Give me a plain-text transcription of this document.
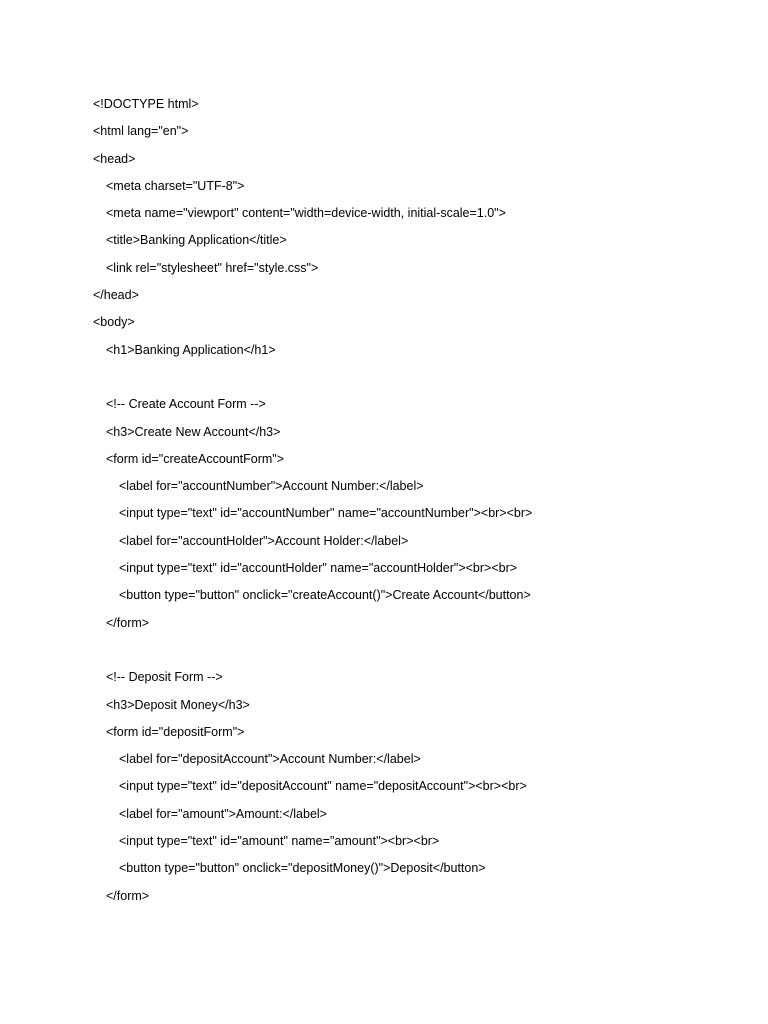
<!DOCTYPE html>
<html lang="en">
<head>
<meta charset="UTF-8">
<meta name="viewport" content="width=device-width, initial-scale=1.0">
<title>Banking Application</title>
<link rel="stylesheet" href="style.css">
</head>
<body>
<h1>Banking Application</h1>
<!-- Create Account Form -->
<h3>Create New Account</h3>
<form id="createAccountForm">
<label for="accountNumber">Account Number:</label>
<input type="text" id="accountNumber" name="accountNumber"><br><br>
<label for="accountHolder">Account Holder:</label>
<input type="text" id="accountHolder" name="accountHolder"><br><br>
<button type="button" onclick="createAccount()">Create Account</button>
</form>
<!-- Deposit Form -->
<h3>Deposit Money</h3>
<form id="depositForm">
<label for="depositAccount">Account Number:</label>
<input type="text" id="depositAccount" name="depositAccount"><br><br>
<label for="amount">Amount:</label>
<input type="text" id="amount" name="amount"><br><br>
<button type="button" onclick="depositMoney()">Deposit</button>
</form>
